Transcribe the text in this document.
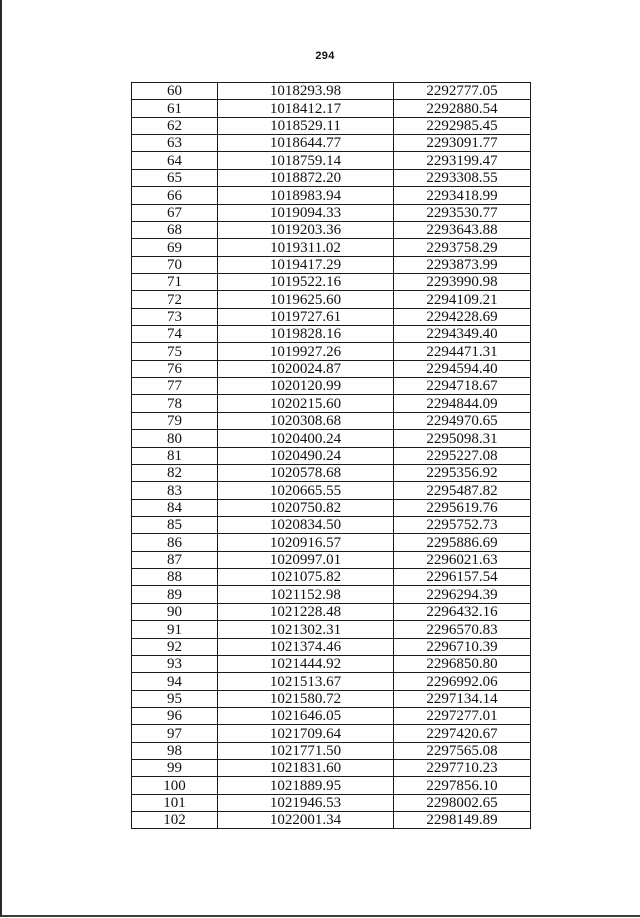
294
60	1018293.98	2292777.05
61	1018412.17	2292880.54
62	1018529.11	2292985.45
63	1018644.77	2293091.77
64	1018759.14	2293199.47
65	1018872.20	2293308.55
66	1018983.94	2293418.99
67	1019094.33	2293530.77
68	1019203.36	2293643.88
69	1019311.02	2293758.29
70	1019417.29	2293873.99
71	1019522.16	2293990.98
72	1019625.60	2294109.21
73	1019727.61	2294228.69
74	1019828.16	2294349.40
75	1019927.26	2294471.31
76	1020024.87	2294594.40
77	1020120.99	2294718.67
78	1020215.60	2294844.09
79	1020308.68	2294970.65
80	1020400.24	2295098.31
81	1020490.24	2295227.08
82	1020578.68	2295356.92
83	1020665.55	2295487.82
84	1020750.82	2295619.76
85	1020834.50	2295752.73
86	1020916.57	2295886.69
87	1020997.01	2296021.63
88	1021075.82	2296157.54
89	1021152.98	2296294.39
90	1021228.48	2296432.16
91	1021302.31	2296570.83
92	1021374.46	2296710.39
93	1021444.92	2296850.80
94	1021513.67	2296992.06
95	1021580.72	2297134.14
96	1021646.05	2297277.01
97	1021709.64	2297420.67
98	1021771.50	2297565.08
99	1021831.60	2297710.23
100	1021889.95	2297856.10
101	1021946.53	2298002.65
102	1022001.34	2298149.89
